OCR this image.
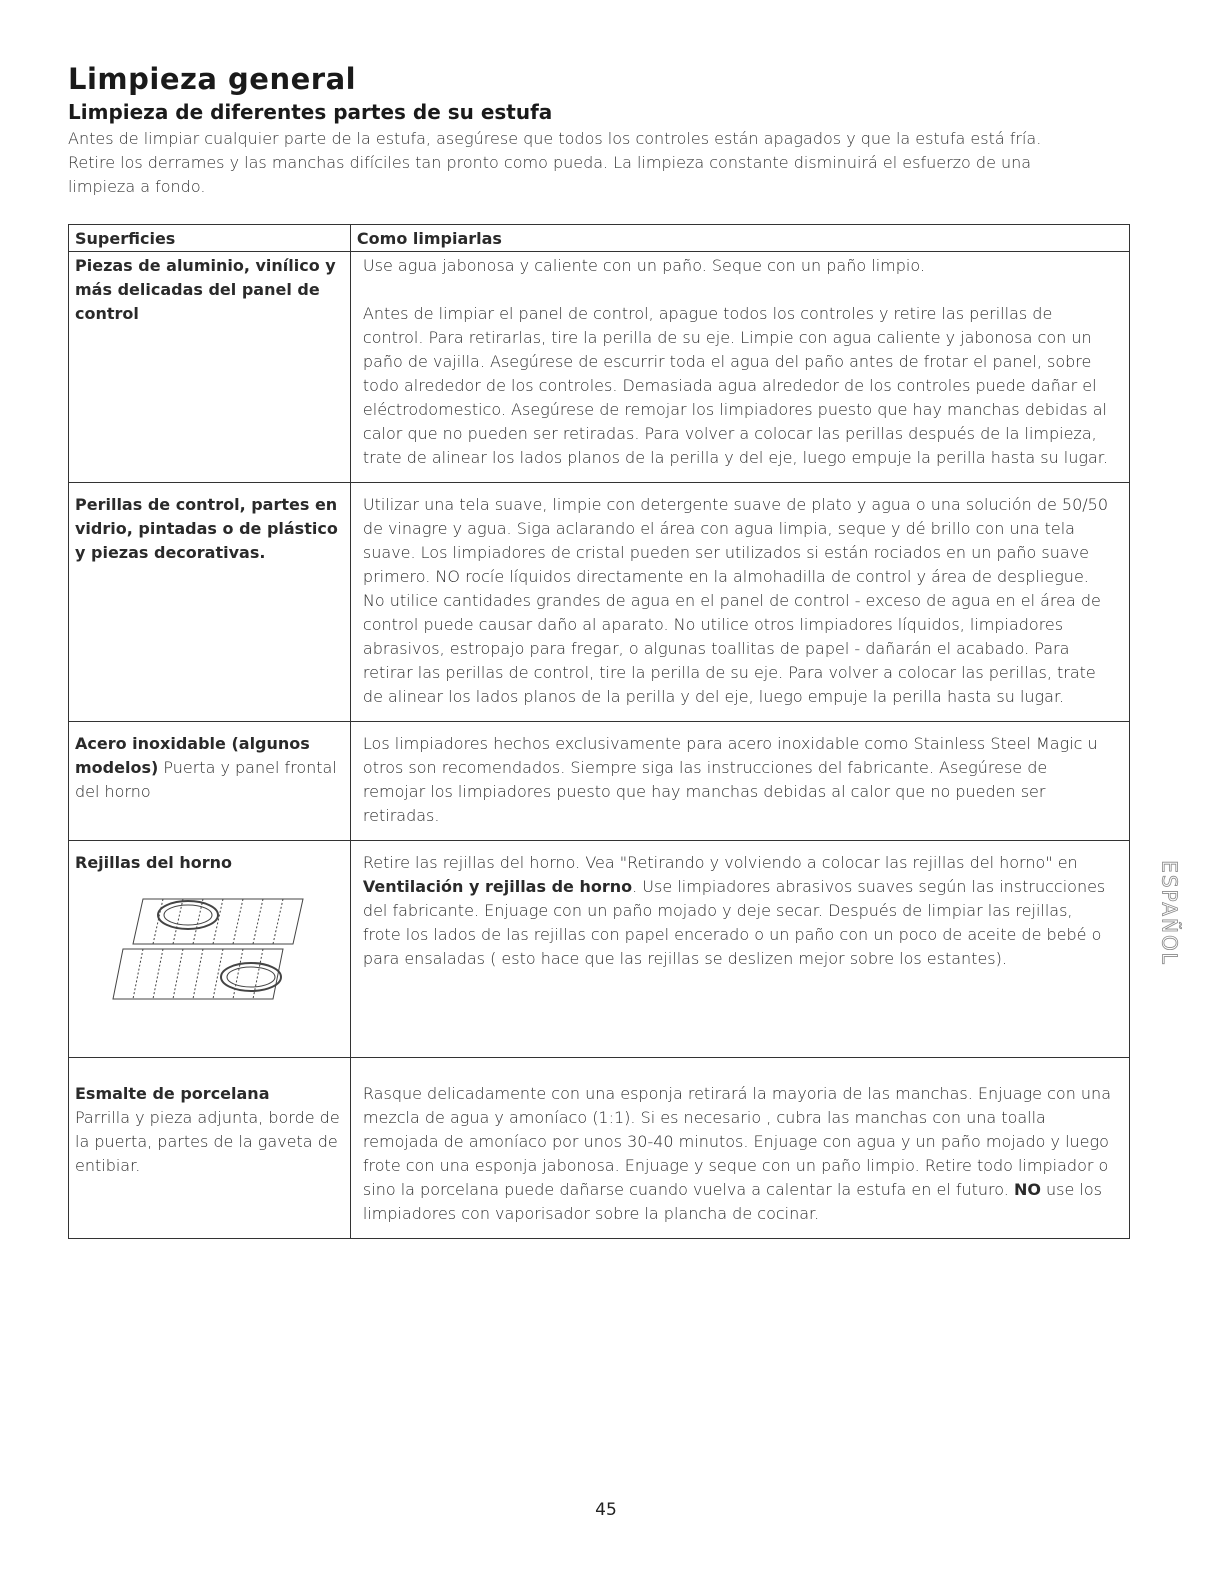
Limpieza general
Limpieza de diferentes partes de su estufa

Antes de limpiar cualquier parte de la estufa, asegúrese que todos los controles están apagados y que la estufa está fría. Retire los derrames y las manchas difíciles tan pronto como pueda. La limpieza constante disminuirá el esfuerzo de una limpieza a fondo.

Superficies	Como limpiarlas
Piezas de aluminio, vinílico y más delicadas del panel de control	Use agua jabonosa y caliente con un paño. Seque con un paño limpio.
Antes de limpiar el panel de control, apague todos los controles y retire las perillas de control. Para retirarlas, tire la perilla de su eje. Limpie con agua caliente y jabonosa con un paño de vajilla. Asegúrese de escurrir toda el agua del paño antes de frotar el panel, sobre todo alrededor de los controles. Demasiada agua alrededor de los controles puede dañar el eléctrodomestico. Asegúrese de remojar los limpiadores puesto que hay manchas debidas al calor que no pueden ser retiradas. Para volver a colocar las perillas después de la limpieza, trate de alinear los lados planos de la perilla y del eje, luego empuje la perilla hasta su lugar.

Perillas de control, partes en vidrio, pintadas o de plástico y piezas decorativas.	Utilizar una tela suave, limpie con detergente suave de plato y agua o una solución de 50/50 de vinagre y agua. Siga aclarando el área con agua limpia, seque y dé brillo con una tela suave. Los limpiadores de cristal pueden ser utilizados si están rociados en un paño suave primero. NO rocíe líquidos directamente en la almohadilla de control y área de despliegue. No utilice cantidades grandes de agua en el panel de control - exceso de agua en el área de control puede causar daño al aparato. No utilice otros limpiadores líquidos, limpiadores abrasivos, estropajo para fregar, o algunas toallitas de papel - dañarán el acabado. Para retirar las perillas de control, tire la perilla de su eje. Para volver a colocar las perillas, trate de alinear los lados planos de la perilla y del eje, luego empuje la perilla hasta su lugar.

Acero inoxidable (algunos modelos) Puerta y panel frontal del horno	Los limpiadores hechos exclusivamente para acero inoxidable como Stainless Steel Magic u otros son recomendados. Siempre siga las instrucciones del fabricante. Asegúrese de remojar los limpiadores puesto que hay manchas debidas al calor que no pueden ser retiradas.

Rejillas del horno	Retire las rejillas del horno. Vea "Retirando y volviendo a colocar las rejillas del horno" en Ventilación y rejillas de horno. Use limpiadores abrasivos suaves según las instrucciones del fabricante. Enjuage con un paño mojado y deje secar. Después de limpiar las rejillas, frote los lados de las rejillas con papel encerado o un paño con un poco de aceite de bebé o para ensaladas ( esto hace que las rejillas se deslizen mejor sobre los estantes).

Esmalte de porcelana
Parrilla y pieza adjunta, borde de la puerta, partes de la gaveta de entibiar.	Rasque delicadamente con una esponja retirará la mayoria de las manchas. Enjuage con una mezcla de agua y amoníaco (1:1). Si es necesario , cubra las manchas con una toalla remojada de amoníaco por unos 30-40 minutos. Enjuage con agua y un paño mojado y luego frote con una esponja jabonosa. Enjuage y seque con un paño limpio. Retire todo limpiador o sino la porcelana puede dañarse cuando vuelva a calentar la estufa en el futuro. NO use los limpiadores con vaporisador sobre la plancha de cocinar.
ESPAÑOL
45
